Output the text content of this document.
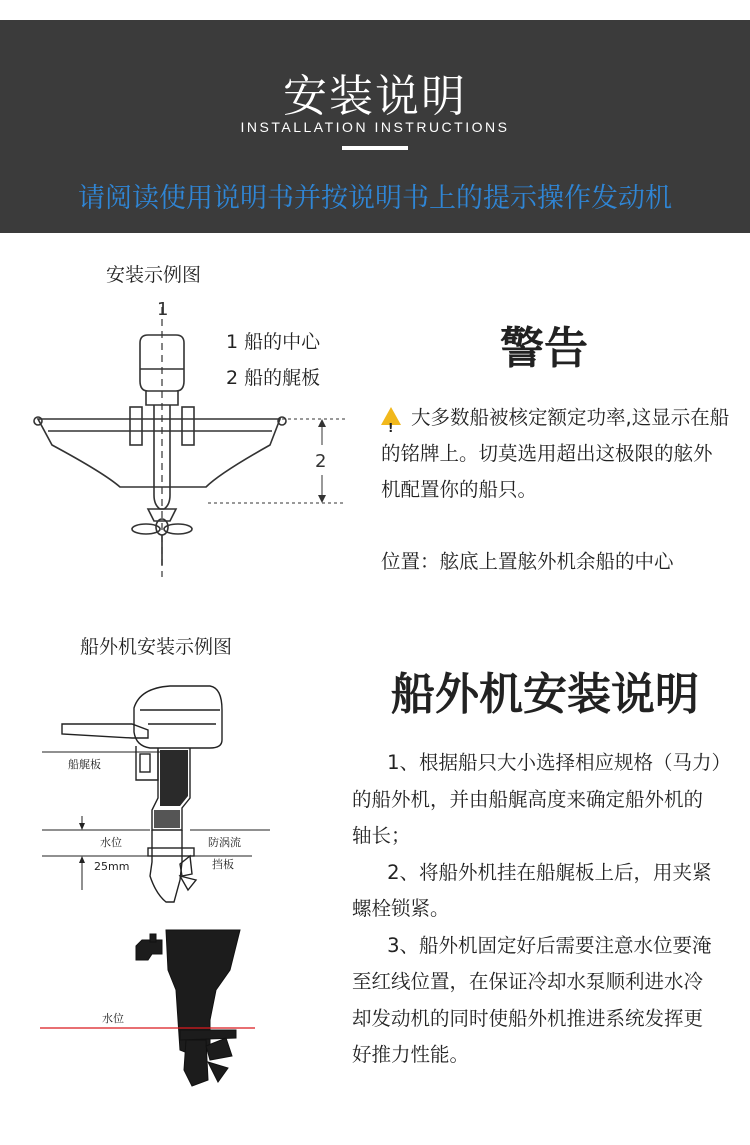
安装说明
INSTALLATION INSTRUCTIONS
请阅读使用说明书并按说明书上的提示操作发动机
安装示例图
1
2
1 船的中心
2 船的艉板
警告
!大多数船被核定额定功率,这显示在船的铭牌上。切莫选用超出这极限的舷外机配置你的船只。
位置：舷底上置舷外机余船的中心
船外机安装示例图
船艉板
水位
25mm
防涡流
挡板
水位
船外机安装说明

1、根据船只大小选择相应规格（马力）的船外机，并由船艉高度来确定船外机的轴长；

2、将船外机挂在船艉板上后，用夹紧螺栓锁紧。

3、船外机固定好后需要注意水位要淹至红线位置，在保证冷却水泵顺利进水冷却发动机的同时使船外机推进系统发挥更好推力性能。
